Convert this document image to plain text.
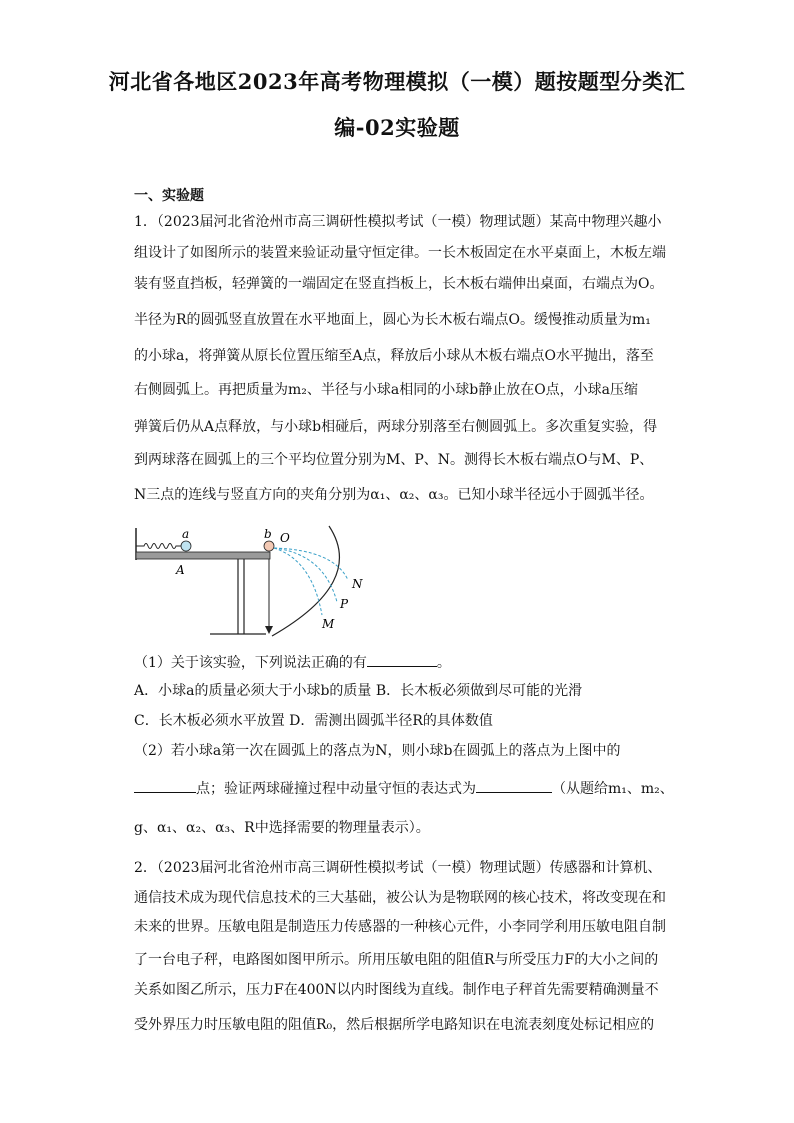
河北省各地区2023年高考物理模拟（一模）题按题型分类汇
编-02实验题
一、实验题
1．（2023届河北省沧州市高三调研性模拟考试（一模）物理试题）某高中物理兴趣小
组设计了如图所示的装置来验证动量守恒定律。一长木板固定在水平桌面上，木板左端
装有竖直挡板，轻弹簧的一端固定在竖直挡板上，长木板右端伸出桌面，右端点为O。
半径为R的圆弧竖直放置在水平地面上，圆心为长木板右端点O。缓慢推动质量为m₁
的小球a，将弹簧从原长位置压缩至A点，释放后小球从木板右端点O水平抛出，落至
右侧圆弧上。再把质量为m₂、半径与小球a相同的小球b静止放在O点，小球a压缩
弹簧后仍从A点释放，与小球b相碰后，两球分别落至右侧圆弧上。多次重复实验，得
到两球落在圆弧上的三个平均位置分别为M、P、N。测得长木板右端点O与M、P、
N三点的连线与竖直方向的夹角分别为α₁、α₂、α₃。已知小球半径远小于圆弧半径。
a	b O
A
N
P
M
（1）关于该实验，下列说法正确的有	。
A．小球a的质量必须大于小球b的质量 B．长木板必须做到尽可能的光滑
C．长木板必须水平放置 D．需测出圆弧半径R的具体数值
（2）若小球a第一次在圆弧上的落点为N，则小球b在圆弧上的落点为上图中的
点；验证两球碰撞过程中动量守恒的表达式为	（从题给m₁、m₂、
g、α₁、α₂、α₃、R中选择需要的物理量表示）。
2．（2023届河北省沧州市高三调研性模拟考试（一模）物理试题）传感器和计算机、
通信技术成为现代信息技术的三大基础，被公认为是物联网的核心技术，将改变现在和
未来的世界。压敏电阻是制造压力传感器的一种核心元件，小李同学利用压敏电阻自制
了一台电子秤，电路图如图甲所示。所用压敏电阻的阻值R与所受压力F的大小之间的
关系如图乙所示，压力F在400N以内时图线为直线。制作电子秤首先需要精确测量不
受外界压力时压敏电阻的阻值R₀，然后根据所学电路知识在电流表刻度处标记相应的
